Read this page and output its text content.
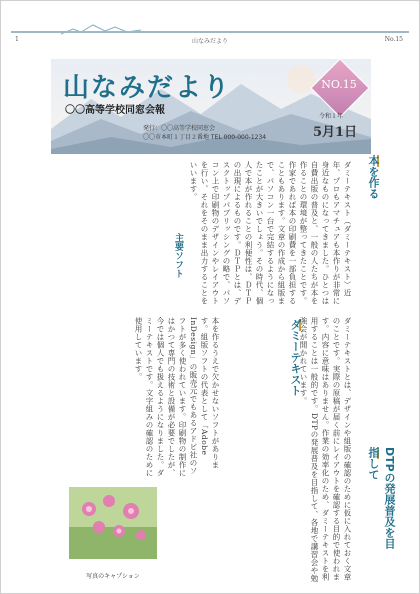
1	山なみだより	No.15
山なみだより
〇〇高等学校同窓会報
発行：〇〇高等学校同窓会
〇〇市本町１丁目２番地 TEL 000-000-1234
NO.15
令和１年
5月1日
本を作る
ダミーテキスト（ダミーテキスト）近年、プロもアマチュアも本作りが非常に身近なものになってきました。ひとつは自費出版の普及と、一般の人たちが本を作ることの環境が整ってきたことです。作家であれば本の印刷費を一部負担することもあります。文章の作成から組版まで、パソコン一台で完結するようになったことが大きいでしょう。その時代、個人で本が作れることの利便性は、ＤＴＰの出現によるものです。ＤＴＰとは、デスクトップパブリッシングの略で、パソコン上で印刷物のデザインやレイアウトを行い、それをそのまま出力することをいいます。
主要ソフト
本を作るうえで欠かせないソフトがあります。組版ソフトの代表として「Adobe InDesign」の販売元でもあるアドビ社のソフトが多く使われています。印刷物の制作にはかつて専門の技術と設備が必要でしたが、今では個人でも扱えるようになりました。ダミーテキストです。文字組みの確認のために使用しています。	ダミーテキスト	ダミーテキストとは、デザインや組版の確認のために仮に入れておく文章のことです。実際の原稿が届く前にレイアウトを確認する目的で使われます。内容に意味はありません。作業の効率化のため、ダミーテキストを利用することは一般的です。DTPの発展普及を目指して、各地で講習会や勉強会が開かれています。
DTPの発展普及を目指して
写真のキャプション
